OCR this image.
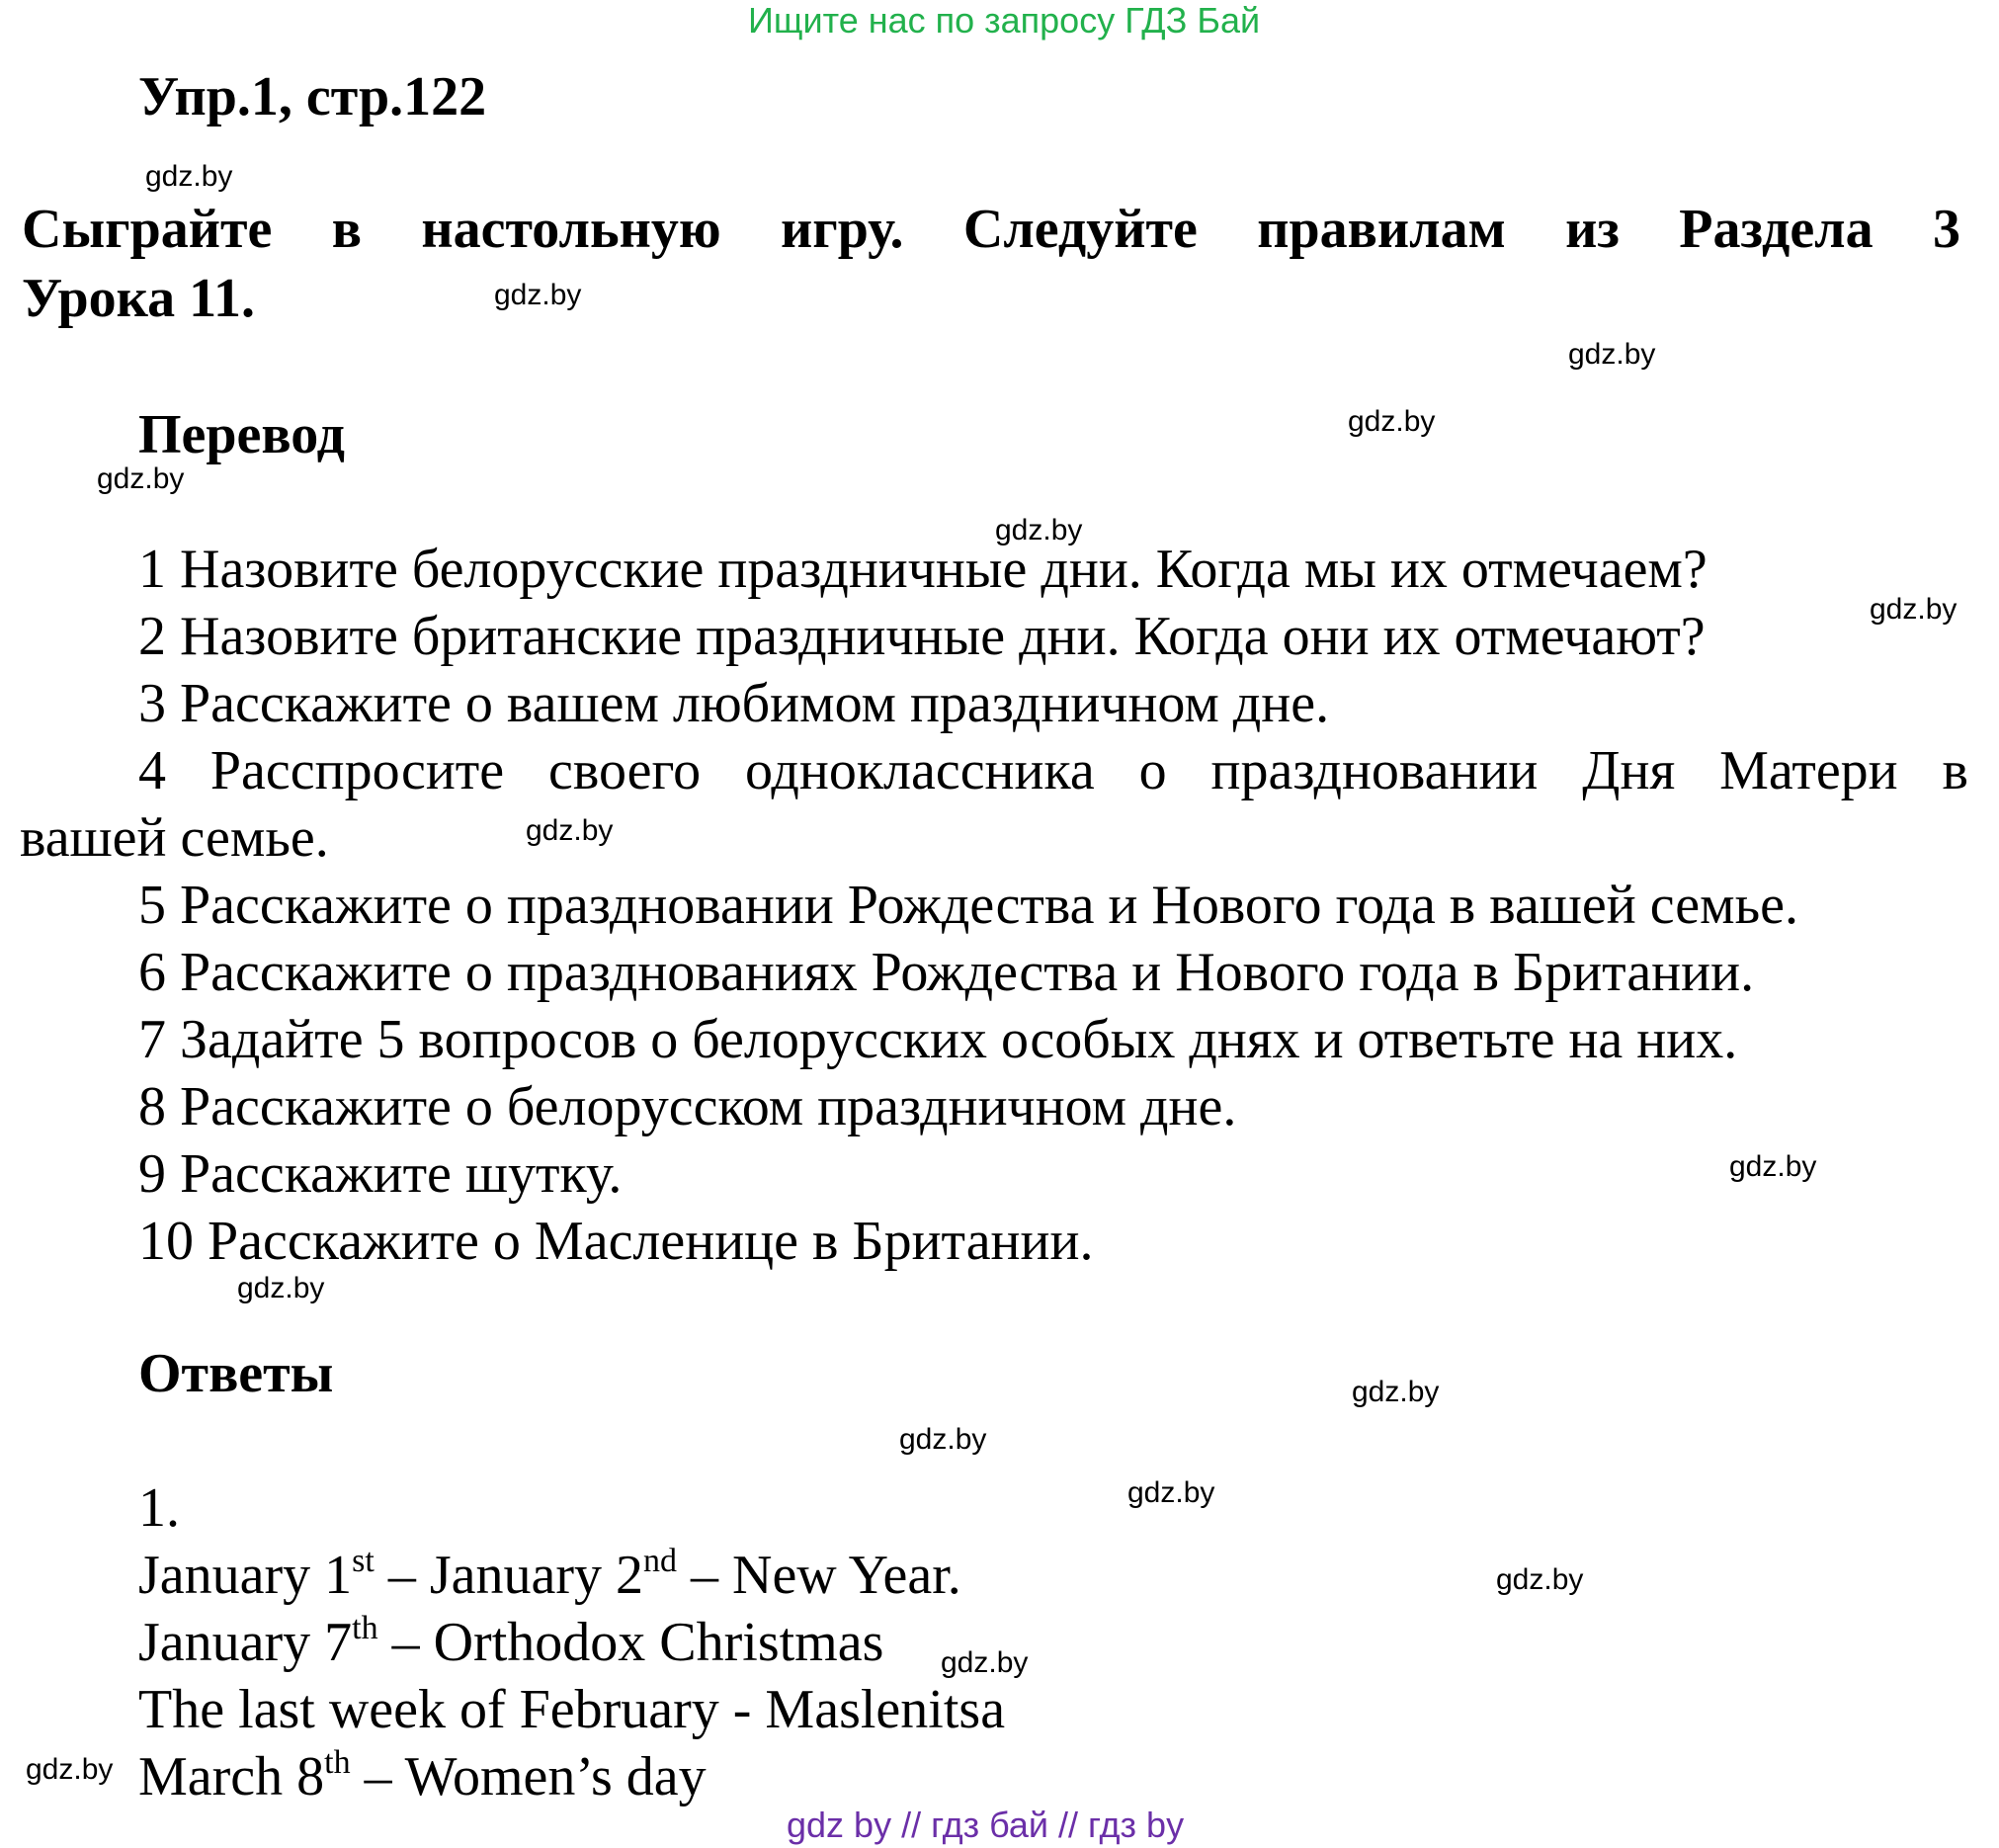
Ищите нас по запросу ГДЗ Бай
Упр.1, стр.122
Сыграйте в настольную игру. Следуйте правилам из Раздела 3
Урока 11.
Перевод
1 Назовите белорусские праздничные дни. Когда мы их отмечаем?
2 Назовите британские праздничные дни. Когда они их отмечают?
3 Расскажите о вашем любимом праздничном дне.
4 Расспросите своего одноклассника о праздновании Дня Матери в
вашей семье.
5 Расскажите о праздновании Рождества и Нового года в вашей семье.
6 Расскажите о празднованиях Рождества и Нового года в Британии.
7 Задайте 5 вопросов о белорусских особых днях и ответьте на них.
8 Расскажите о белорусском праздничном дне.
9 Расскажите шутку.
10 Расскажите о Масленице в Британии.
Ответы
1.
January 1st – January 2nd – New Year.
January 7th – Orthodox Christmas
The last week of February - Maslenitsa
March 8th – Women’s day
gdz.by
gdz.by
gdz.by
gdz.by
gdz.by
gdz.by
gdz.by
gdz.by
gdz.by
gdz.by
gdz.by
gdz.by
gdz.by
gdz.by
gdz.by
gdz.by
gdz by // гдз бай // гдз by
